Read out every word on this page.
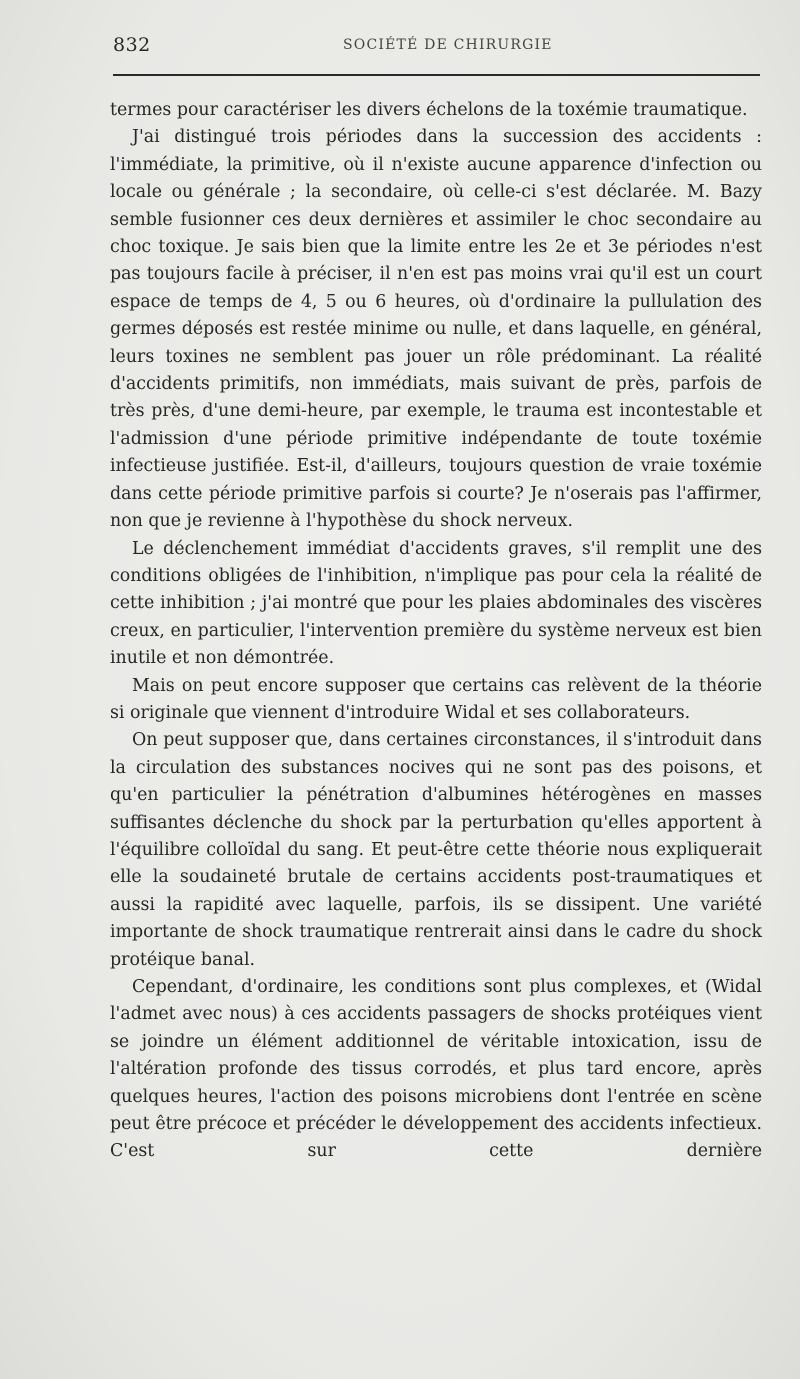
832	SOCIÉTÉ DE CHIRURGIE

termes pour caractériser les divers échelons de la toxémie traumatique.

J'ai distingué trois périodes dans la succession des accidents : l'immédiate, la primitive, où il n'existe aucune apparence d'infection ou locale ou générale ; la secondaire, où celle-ci s'est déclarée. M. Bazy semble fusionner ces deux dernières et assimiler le choc secondaire au choc toxique. Je sais bien que la limite entre les 2e et 3e périodes n'est pas toujours facile à préciser, il n'en est pas moins vrai qu'il est un court espace de temps de 4, 5 ou 6 heures, où d'ordinaire la pullulation des germes déposés est restée minime ou nulle, et dans laquelle, en général, leurs toxines ne semblent pas jouer un rôle prédominant. La réalité d'accidents primitifs, non immédiats, mais suivant de près, parfois de très près, d'une demi-heure, par exemple, le trauma est incontestable et l'admission d'une période primitive indépendante de toute toxémie infectieuse justifiée. Est-il, d'ailleurs, toujours question de vraie toxémie dans cette période primitive parfois si courte? Je n'oserais pas l'affirmer, non que je revienne à l'hypothèse du shock nerveux.

Le déclenchement immédiat d'accidents graves, s'il remplit une des conditions obligées de l'inhibition, n'implique pas pour cela la réalité de cette inhibition ; j'ai montré que pour les plaies abdominales des viscères creux, en particulier, l'intervention première du système nerveux est bien inutile et non démontrée.

Mais on peut encore supposer que certains cas relèvent de la théorie si originale que viennent d'introduire Widal et ses collaborateurs.

On peut supposer que, dans certaines circonstances, il s'introduit dans la circulation des substances nocives qui ne sont pas des poisons, et qu'en particulier la pénétration d'albumines hétérogènes en masses suffisantes déclenche du shock par la perturbation qu'elles apportent à l'équilibre colloïdal du sang. Et peut-être cette théorie nous expliquerait elle la soudaineté brutale de certains accidents post-traumatiques et aussi la rapidité avec laquelle, parfois, ils se dissipent. Une variété importante de shock traumatique rentrerait ainsi dans le cadre du shock protéique banal.

Cependant, d'ordinaire, les conditions sont plus complexes, et (Widal l'admet avec nous) à ces accidents passagers de shocks protéiques vient se joindre un élément additionnel de véritable intoxication, issu de l'altération profonde des tissus corrodés, et plus tard encore, après quelques heures, l'action des poisons microbiens dont l'entrée en scène peut être précoce et précéder le développement des accidents infectieux. C'est sur cette dernière
